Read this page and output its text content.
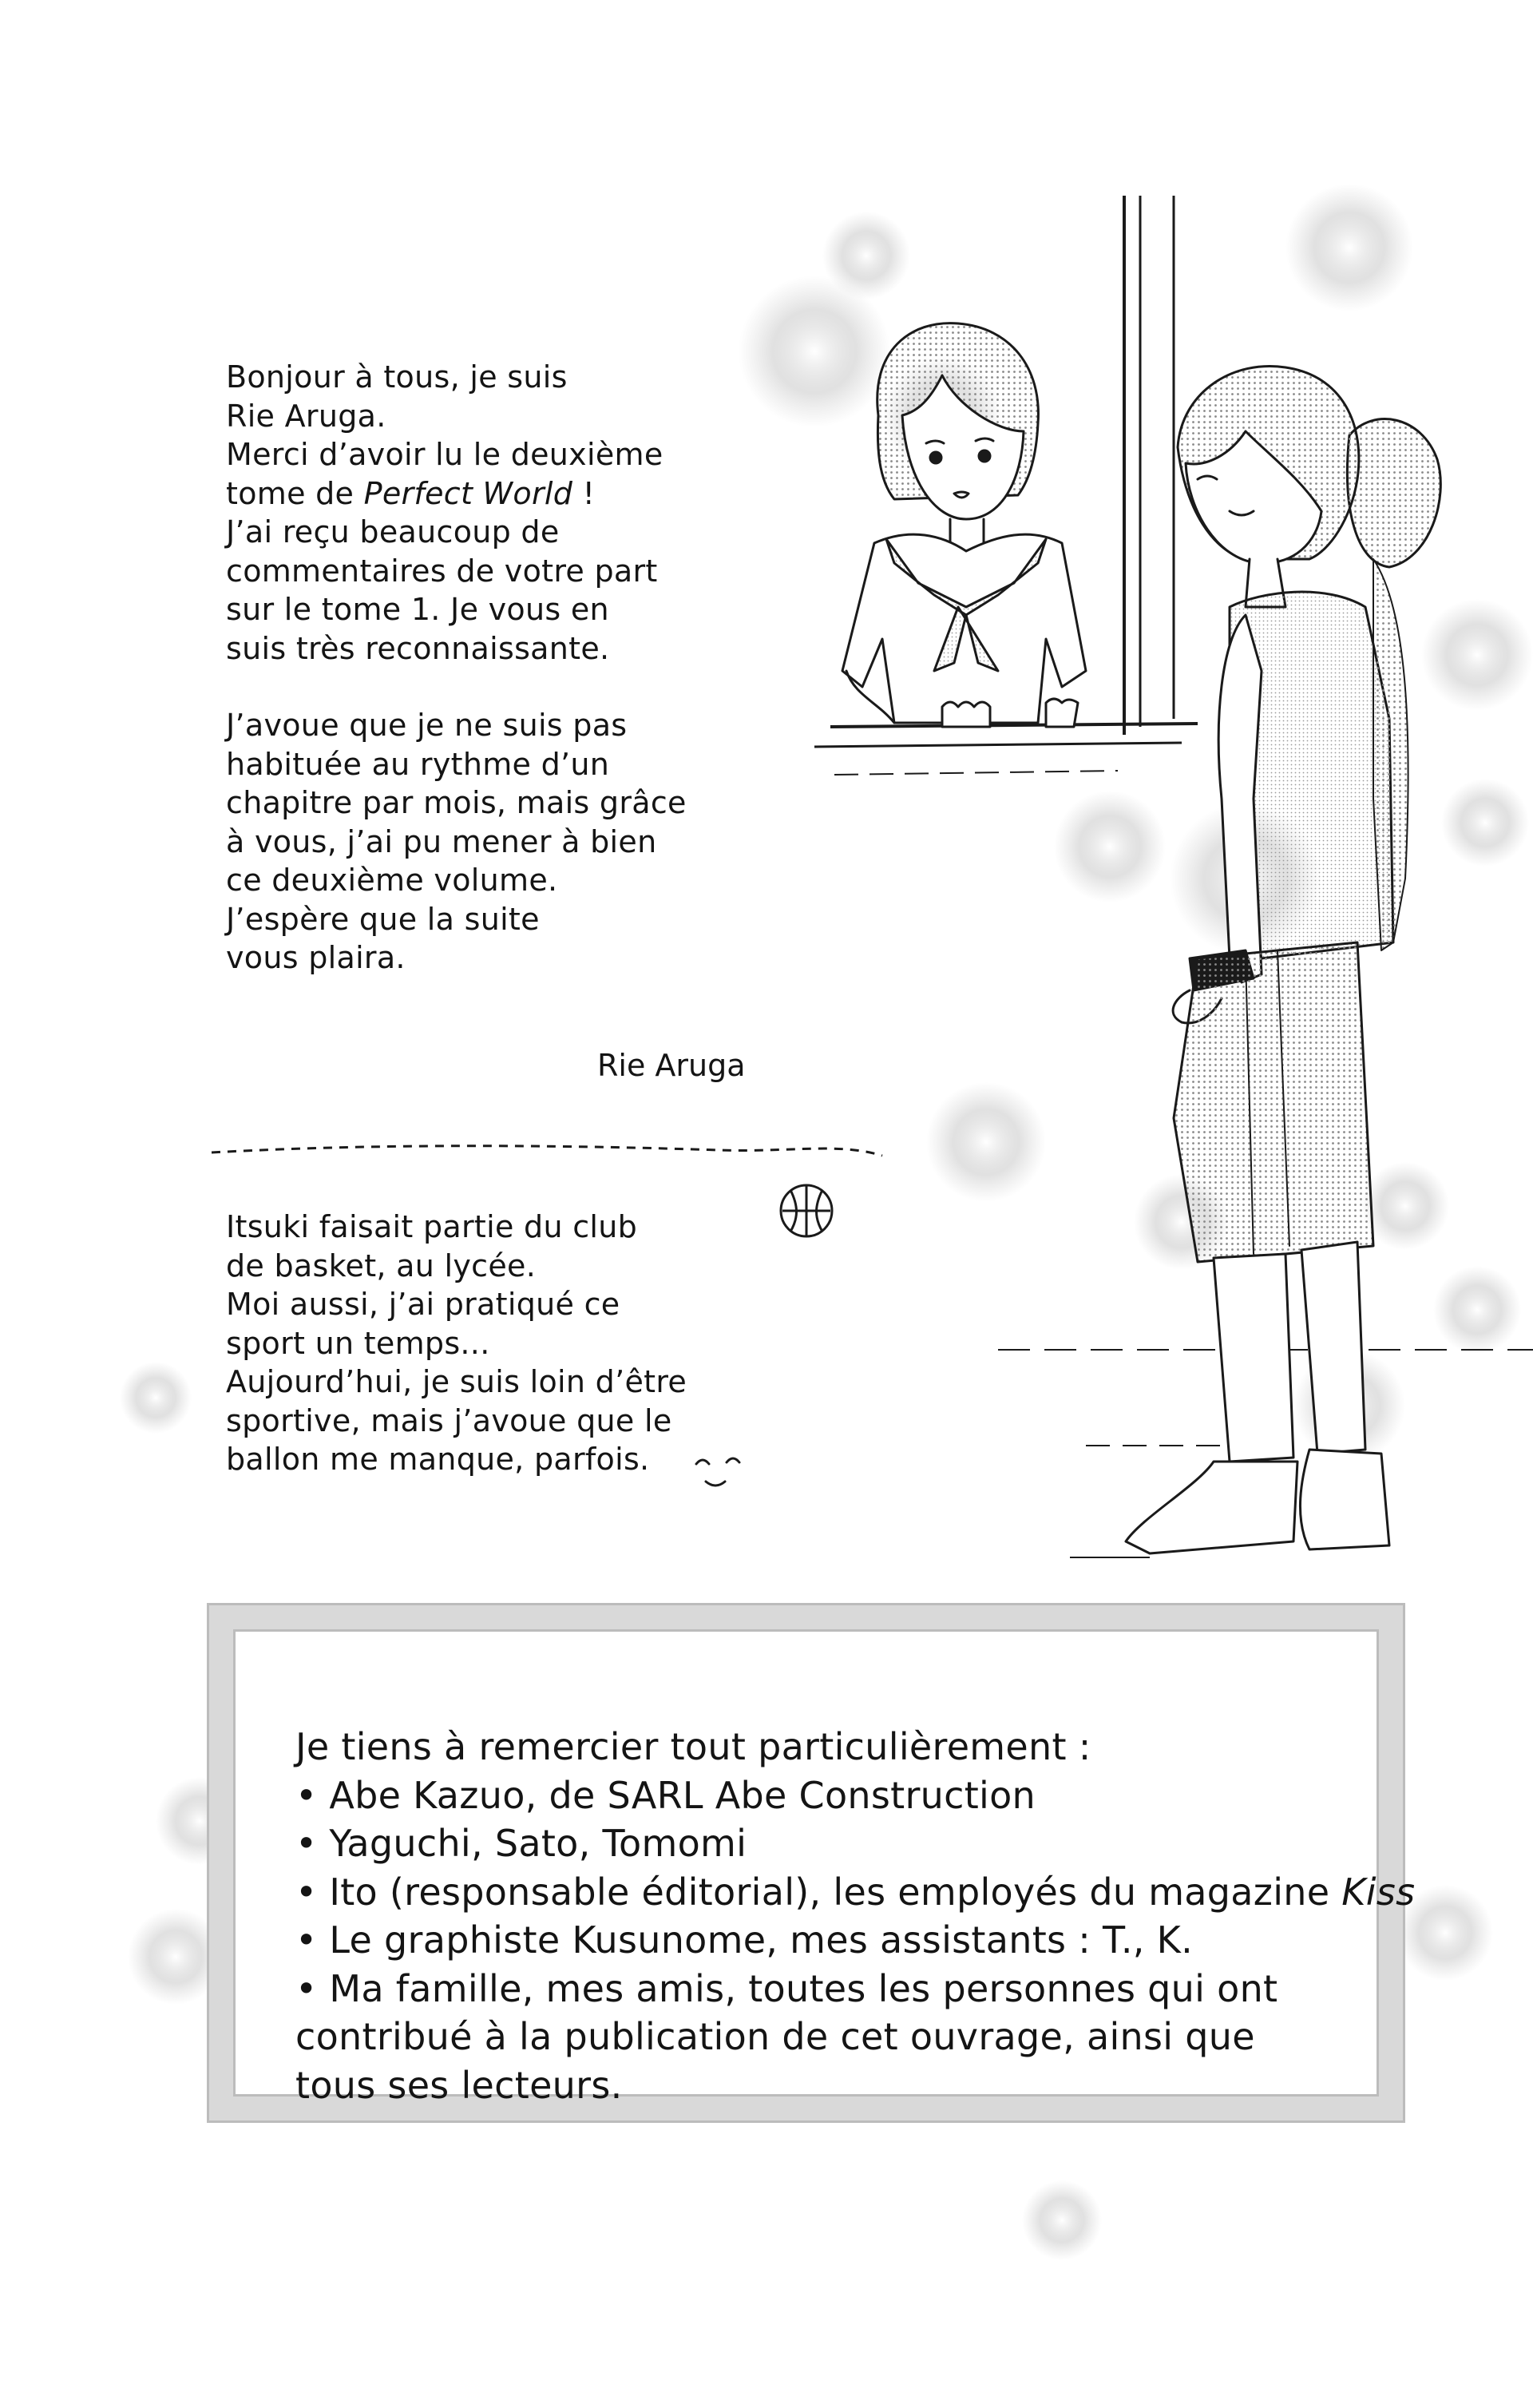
Bonjour à tous, je suis
Rie Aruga.
Merci d’avoir lu le deuxième
tome de Perfect World !
J’ai reçu beaucoup de
commentaires de votre part
sur le tome 1. Je vous en
suis très reconnaissante.

J’avoue que je ne suis pas
habituée au rythme d’un
chapitre par mois, mais grâce
à vous, j’ai pu mener à bien
ce deuxième volume.
J’espère que la suite
vous plaira.

Rie Aruga

Itsuki faisait partie du club
de basket, au lycée.
Moi aussi, j’ai pratiqué ce
sport un temps...
Aujourd’hui, je suis loin d’être
sportive, mais j’avoue que le
ballon me manque, parfois.

Je tiens à remercier tout particulièrement :
• Abe Kazuo, de SARL Abe Construction
• Yaguchi, Sato, Tomomi
• Ito (responsable éditorial), les employés du magazine Kiss
• Le graphiste Kusunome, mes assistants : T., K.
• Ma famille, mes amis, toutes les personnes qui ont
contribué à la publication de cet ouvrage, ainsi que
tous ses lecteurs.
